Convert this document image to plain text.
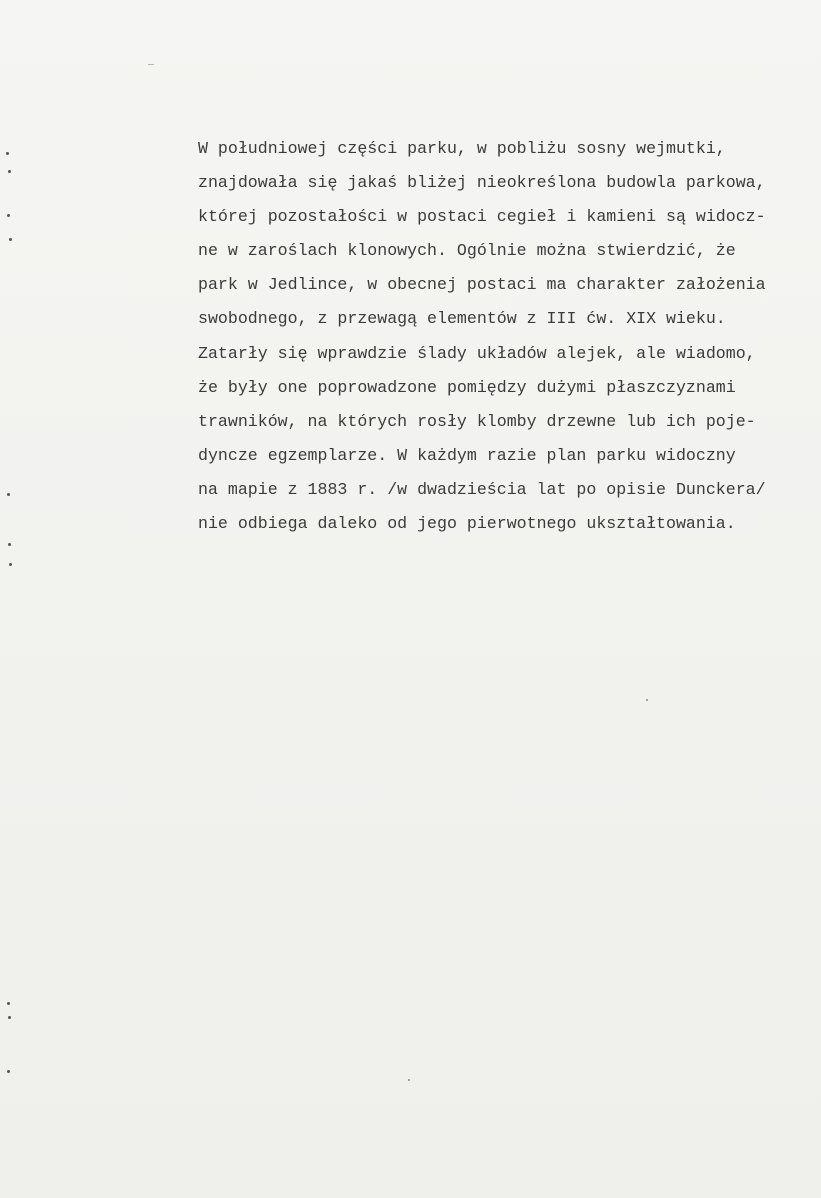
W południowej części parku, w pobliżu sosny wejmutki,
znajdowała się jakaś bliżej nieokreślona budowla parkowa,
której pozostałości w postaci cegieł i kamieni są widocz-
ne w zaroślach klonowych. Ogólnie można stwierdzić, że
park w Jedlince, w obecnej postaci ma charakter założenia
swobodnego, z przewagą elementów z III ćw. XIX wieku.
Zatarły się wprawdzie ślady układów alejek, ale wiadomo,
że były one poprowadzone pomiędzy dużymi płaszczyznami
trawników, na których rosły klomby drzewne lub ich poje-
dyncze egzemplarze. W każdym razie plan parku widoczny
na mapie z 1883 r. /w dwadzieścia lat po opisie Dunckera/
nie odbiega daleko od jego pierwotnego ukształtowania.
